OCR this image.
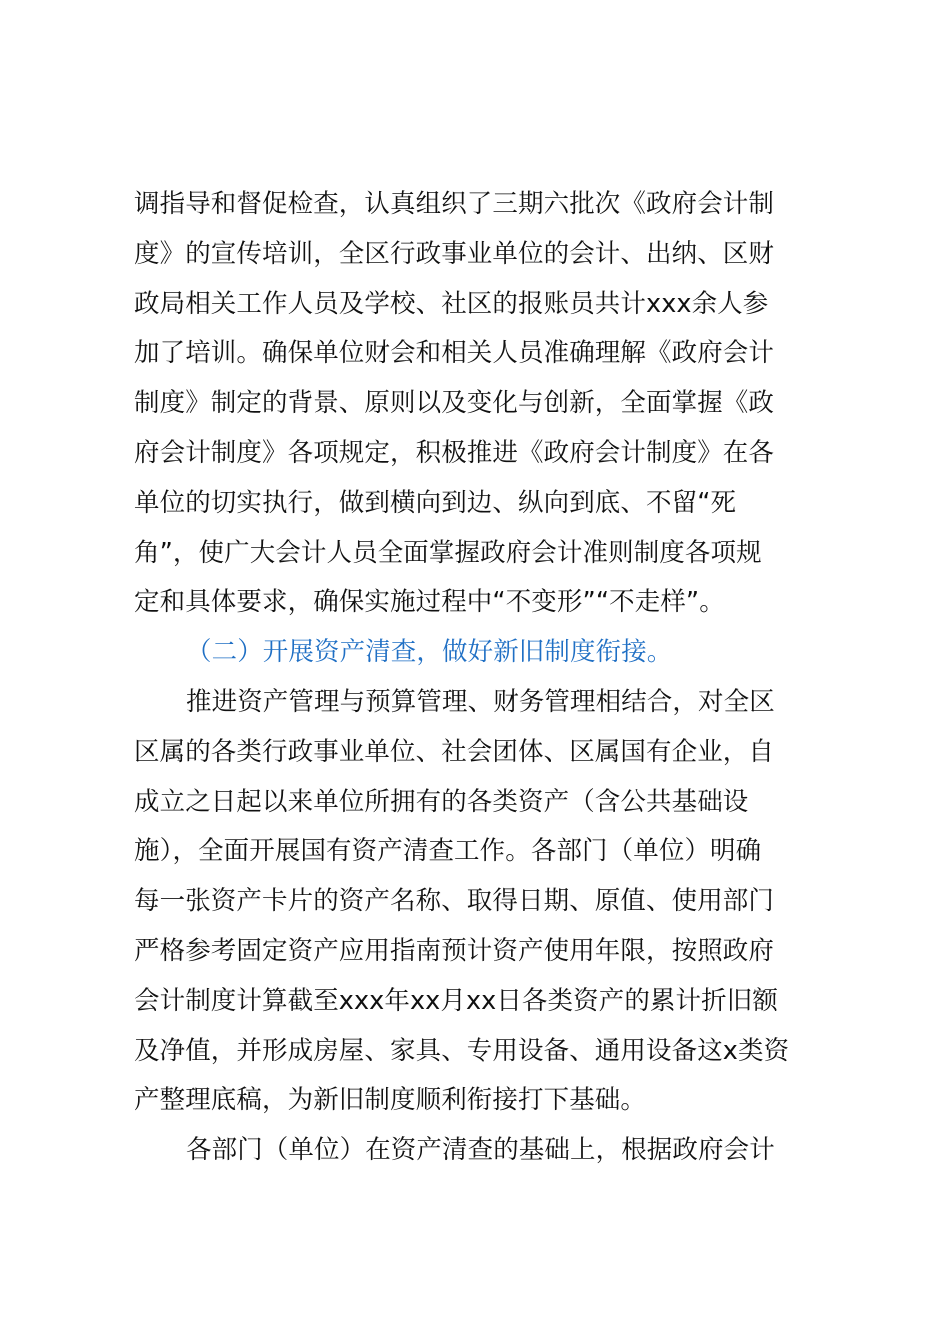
调指导和督促检查，认真组织了三期六批次《政府会计制
度》的宣传培训，全区行政事业单位的会计、出纳、区财
政局相关工作人员及学校、社区的报账员共计xxx余人参
加了培训。确保单位财会和相关人员准确理解《政府会计
制度》制定的背景、原则以及变化与创新，全面掌握《政
府会计制度》各项规定，积极推进《政府会计制度》在各
单位的切实执行，做到横向到边、纵向到底、不留“死
角”，使广大会计人员全面掌握政府会计准则制度各项规
定和具体要求，确保实施过程中“不变形”“不走样”。
（二）开展资产清查，做好新旧制度衔接。
推进资产管理与预算管理、财务管理相结合，对全区
区属的各类行政事业单位、社会团体、区属国有企业，自
成立之日起以来单位所拥有的各类资产（含公共基础设
施），全面开展国有资产清查工作。各部门（单位）明确
每一张资产卡片的资产名称、取得日期、原值、使用部门
严格参考固定资产应用指南预计资产使用年限，按照政府
会计制度计算截至xxx年xx月xx日各类资产的累计折旧额
及净值，并形成房屋、家具、专用设备、通用设备这x类资
产整理底稿，为新旧制度顺利衔接打下基础。
各部门（单位）在资产清查的基础上，根据政府会计
